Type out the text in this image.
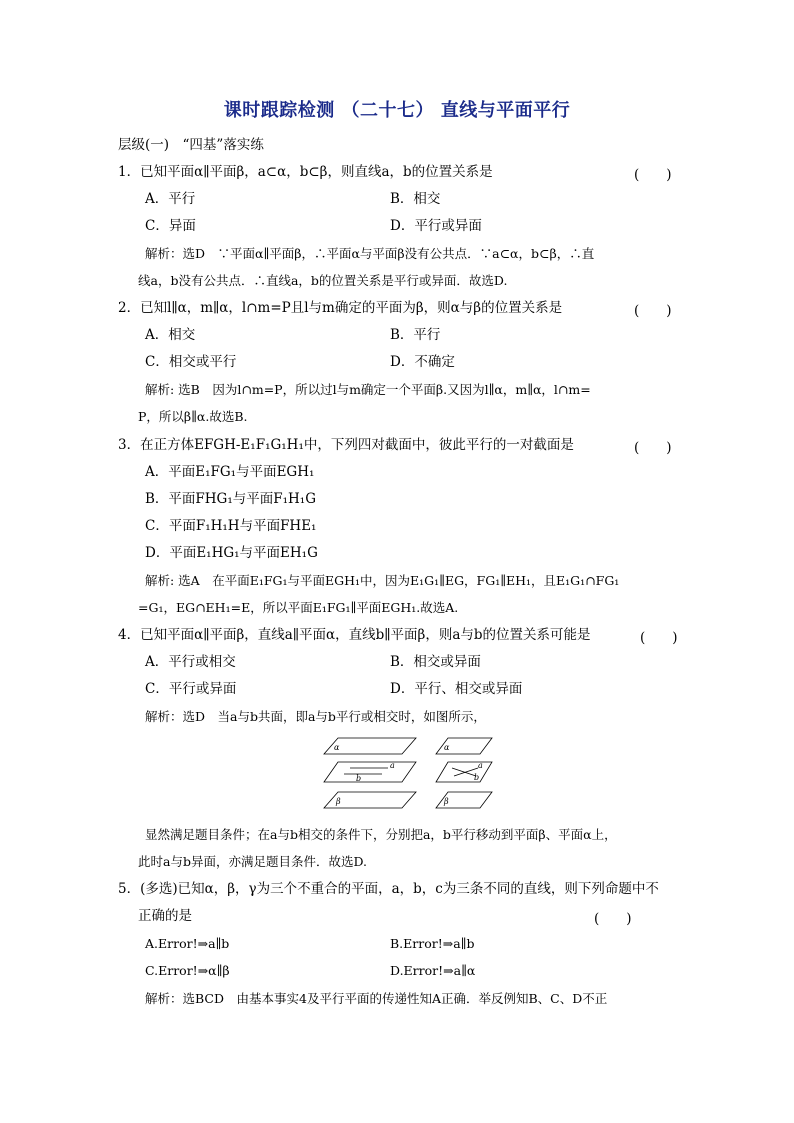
课时跟踪检测 （二十七） 直线与平面平行
层级(一)　“四基”落实练
1．已知平面α∥平面β，a⊂α，b⊂β，则直线a，b的位置关系是	(　　)
A．平行	B．相交
C．异面	D．平行或异面
解析：选D　∵平面α∥平面β，∴平面α与平面β没有公共点．∵a⊂α，b⊂β，∴直
线a，b没有公共点．∴直线a，b的位置关系是平行或异面．故选D.
2．已知l∥α，m∥α，l∩m=P且l与m确定的平面为β，则α与β的位置关系是	(　　)
A．相交	B．平行
C．相交或平行	D．不确定
解析: 选B　因为l∩m=P，所以过l与m确定一个平面β.又因为l∥α，m∥α，l∩m=
P，所以β∥α.故选B.
3．在正方体EFGH-E₁F₁G₁H₁中，下列四对截面中，彼此平行的一对截面是	(　　)
A．平面E₁FG₁与平面EGH₁
B．平面FHG₁与平面F₁H₁G
C．平面F₁H₁H与平面FHE₁
D．平面E₁HG₁与平面EH₁G
解析: 选A　在平面E₁FG₁与平面EGH₁中，因为E₁G₁∥EG，FG₁∥EH₁，且E₁G₁∩FG₁
=G₁，EG∩EH₁=E，所以平面E₁FG₁∥平面EGH₁.故选A.
4．已知平面α∥平面β，直线a∥平面α，直线b∥平面β，则a与b的位置关系可能是	(　　)
A．平行或相交	B．相交或异面
C．平行或异面	D．平行、相交或异面
解析：选D　当a与b共面，即a与b平行或相交时，如图所示，
α
a
b
β
α
a
b
β
显然满足题目条件；在a与b相交的条件下，分别把a，b平行移动到平面β、平面α上，
此时a与b异面，亦满足题目条件．故选D.
5．(多选)已知α，β，γ为三个不重合的平面，a，b，c为三条不同的直线，则下列命题中不
正确的是	(　　)
A.Error!⇒a∥b	B.Error!⇒a∥b
C.Error!⇒α∥β	D.Error!⇒a∥α
解析：选BCD　由基本事实4及平行平面的传递性知A正确．举反例知B、C、D不正
